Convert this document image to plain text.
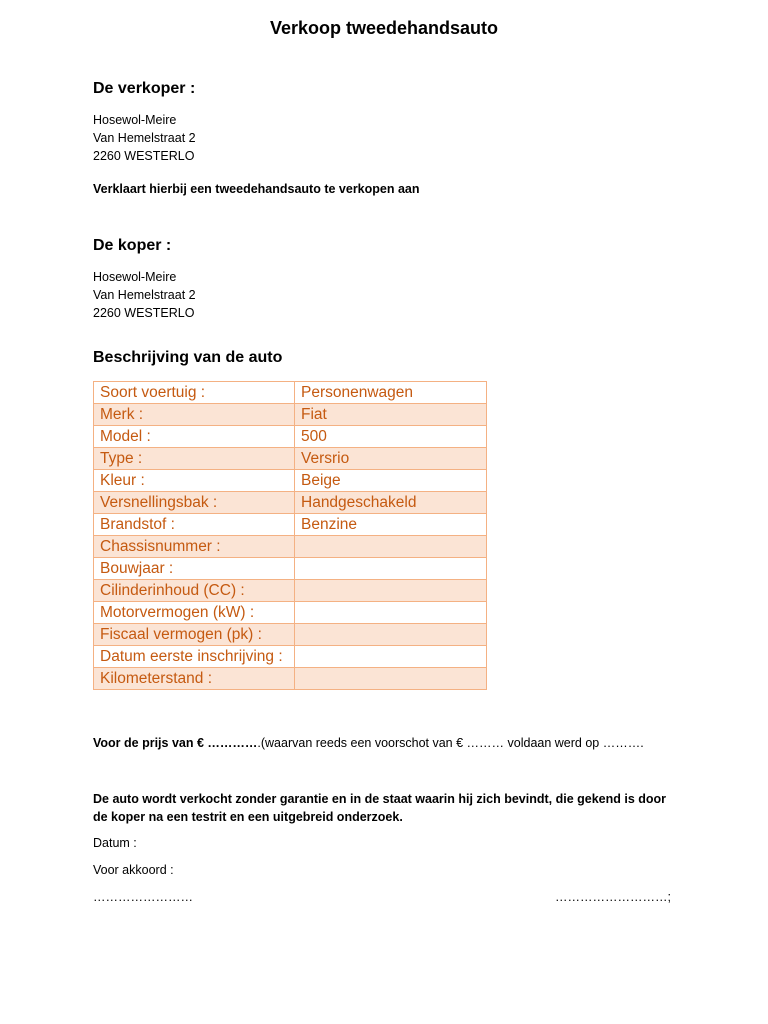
Verkoop tweedehandsauto
De verkoper :
Hosewol-Meire
Van Hemelstraat 2
2260 WESTERLO
Verklaart hierbij een tweedehandsauto te verkopen aan
De koper :
Hosewol-Meire
Van Hemelstraat 2
2260 WESTERLO
Beschrijving van de auto
Soort voertuig :	Personenwagen
Merk :	Fiat
Model :	500
Type :	Versrio
Kleur :	Beige
Versnellingsbak :	Handgeschakeld
Brandstof :	Benzine
Chassisnummer :	
Bouwjaar :	
Cilinderinhoud (CC) :	
Motorvermogen (kW) :	
Fiscaal vermogen (pk) :	
Datum eerste inschrijving :	
Kilometerstand :	
Voor de prijs van € ………….(waarvan reeds een voorschot van € ……… voldaan werd op ……….
De auto wordt verkocht zonder garantie en in de staat waarin hij zich bevindt, die gekend is door de koper na een testrit en een uitgebreid onderzoek.
Datum :
Voor akkoord :
……………………	………………………;
